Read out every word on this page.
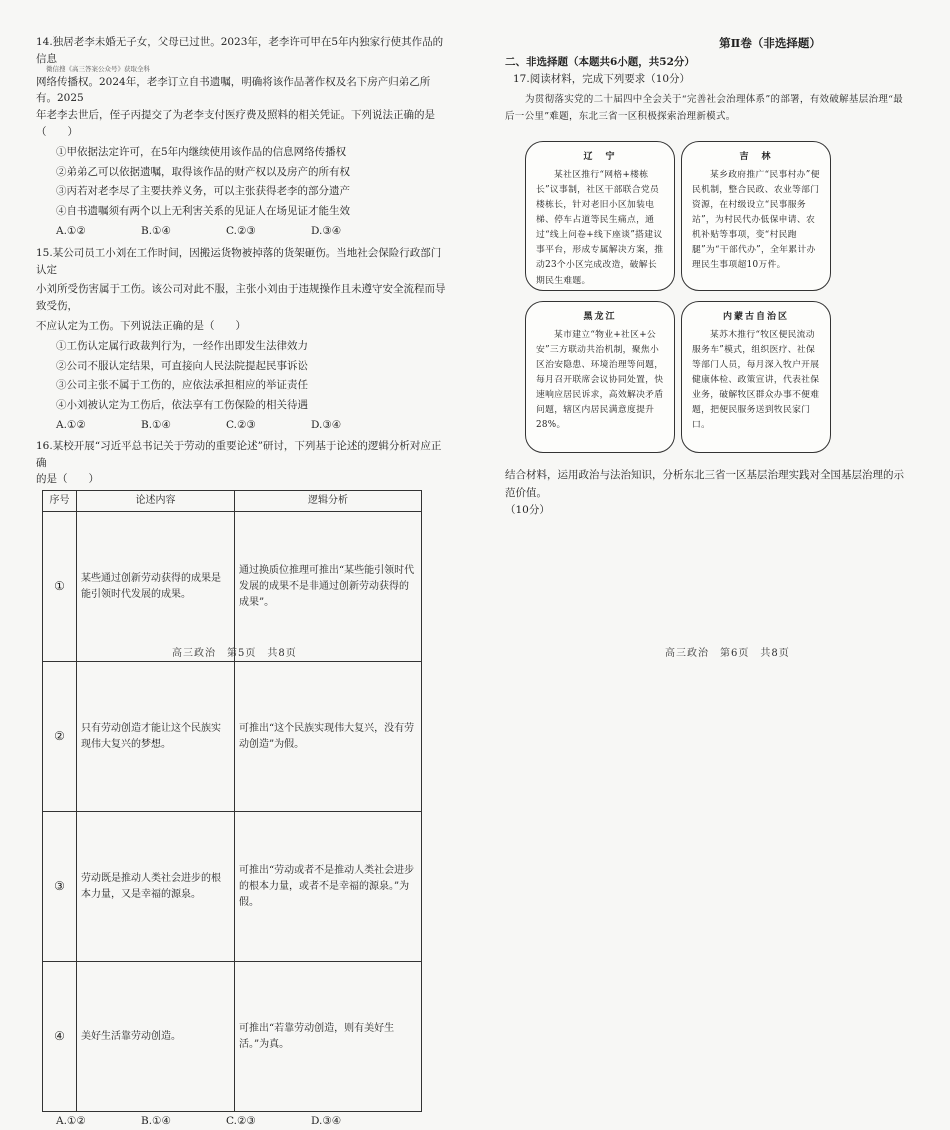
微信搜《高三答案公众号》获取全科

14.独居老李未婚无子女，父母已过世。2023年，老李许可甲在5年内独家行使其作品的信息

网络传播权。2024年，老李订立自书遗嘱，明确将该作品著作权及名下房产归弟乙所有。2025

年老李去世后，侄子丙提交了为老李支付医疗费及照料的相关凭证。下列说法正确的是（　　）

①甲依据法定许可，在5年内继续使用该作品的信息网络传播权

②弟弟乙可以依据遗嘱，取得该作品的财产权以及房产的所有权

③丙若对老李尽了主要扶养义务，可以主张获得老李的部分遗产

④自书遗嘱须有两个以上无利害关系的见证人在场见证才能生效

A.①②	B.①④	C.②③	D.③④

15.某公司员工小刘在工作时间，因搬运货物被掉落的货架砸伤。当地社会保险行政部门认定

小刘所受伤害属于工伤。该公司对此不服，主张小刘由于违规操作且未遵守安全流程而导致受伤，

不应认定为工伤。下列说法正确的是（　　）

①工伤认定属行政裁判行为，一经作出即发生法律效力

②公司不服认定结果，可直接向人民法院提起民事诉讼

③公司主张不属于工伤的，应依法承担相应的举证责任

④小刘被认定为工伤后，依法享有工伤保险的相关待遇

A.①②	B.①④	C.②③	D.③④

16.某校开展“习近平总书记关于劳动的重要论述”研讨，下列基于论述的逻辑分析对应正确

的是（　　）

序号	论述内容	逻辑分析
①	某些通过创新劳动获得的成果是能引领时代发展的成果。	通过换质位推理可推出“某些能引领时代发展的成果不是非通过创新劳动获得的成果”。
②	只有劳动创造才能让这个民族实现伟大复兴的梦想。	可推出“这个民族实现伟大复兴，没有劳动创造”为假。
③	劳动既是推动人类社会进步的根本力量，又是幸福的源泉。	可推出“劳动或者不是推动人类社会进步的根本力量，或者不是幸福的源泉。”为假。
④	美好生活靠劳动创造。	可推出“若靠劳动创造，则有美好生活。”为真。
A.①②	B.①④	C.②③	D.③④
高三政治　第5页　共8页

第Ⅱ卷（非选择题）

二、非选择题（本题共6小题，共52分）

17.阅读材料，完成下列要求（10分）

为贯彻落实党的二十届四中全会关于“完善社会治理体系”的部署，有效破解基层治理“最

后一公里”难题，东北三省一区积极探索治理新模式。

辽　宁

某社区推行“网格+楼栋长”议事制，社区干部联合党员楼栋长，针对老旧小区加装电梯、停车占道等民生痛点，通过“线上问卷+线下座谈”搭建议事平台，形成专属解决方案，推动23个小区完成改造，破解长期民生难题。

吉　林

某乡政府推广“民事村办”便民机制，整合民政、农业等部门资源，在村级设立“民事服务站”，为村民代办低保申请、农机补贴等事项，变“村民跑腿”为“干部代办”，全年累计办理民生事项超10万件。

黑龙江

某市建立“物业+社区+公安”三方联动共治机制，聚焦小区治安隐患、环境治理等问题，每月召开联席会议协同处置，快速响应居民诉求，高效解决矛盾问题，辖区内居民满意度提升28%。

内蒙古自治区

某苏木推行“牧区便民流动服务车”模式，组织医疗、社保等部门人员，每月深入牧户开展健康体检、政策宣讲，代表社保业务，破解牧区群众办事不便难题，把便民服务送到牧民家门口。

结合材料，运用政治与法治知识，分析东北三省一区基层治理实践对全国基层治理的示范价值。

（10分）

高三政治　第6页　共8页
